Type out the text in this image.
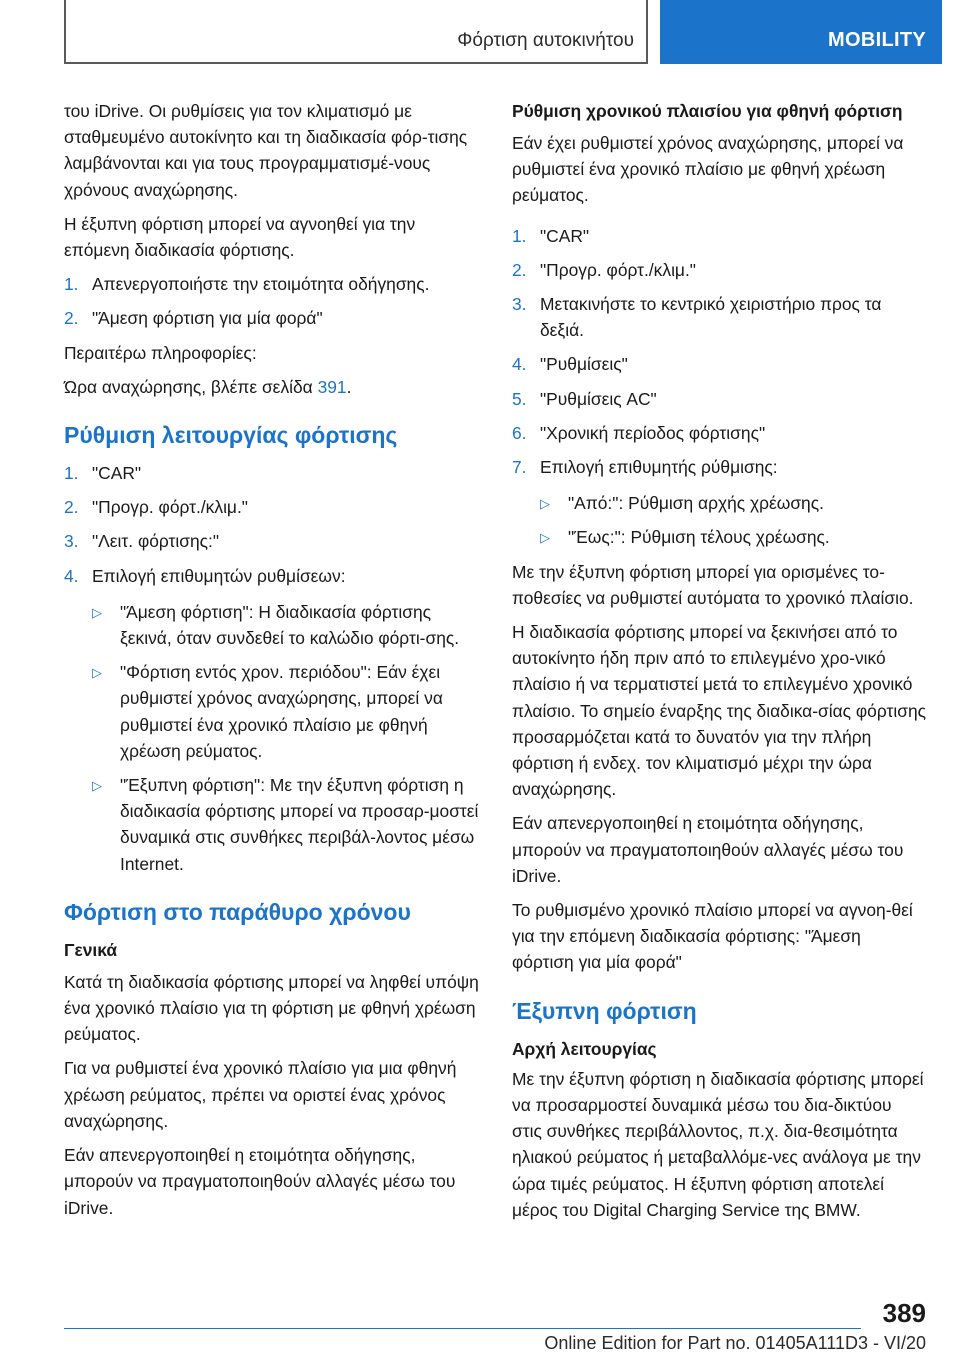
Φόρτιση αυτοκινήτου	MOBILITY

του iDrive. Οι ρυθμίσεις για τον κλιματισμό με σταθμευμένο αυτοκίνητο και τη διαδικασία φόρ-τισης λαμβάνονται και για τους προγραμματισμέ-νους χρόνους αναχώρησης.

Η έξυπνη φόρτιση μπορεί να αγνοηθεί για την επόμενη διαδικασία φόρτισης.

1. Απενεργοποιήστε την ετοιμότητα οδήγησης.
2. "Άμεση φόρτιση για μία φορά"

Περαιτέρω πληροφορίες:

Ώρα αναχώρησης, βλέπε σελίδα 391.

Ρύθμιση λειτουργίας φόρτισης
1. "CAR"
2. "Προγρ. φόρτ./κλιμ."
3. "Λειτ. φόρτισης:"
4. Επιλογή επιθυμητών ρυθμίσεων:
▷ "Άμεση φόρτιση": Η διαδικασία φόρτισης ξεκινά, όταν συνδεθεί το καλώδιο φόρτι-σης.
▷ "Φόρτιση εντός χρον. περιόδου": Εάν έχει ρυθμιστεί χρόνος αναχώρησης, μπορεί να ρυθμιστεί ένα χρονικό πλαίσιο με φθηνή χρέωση ρεύματος.
▷ "Έξυπνη φόρτιση": Με την έξυπνη φόρτιση η διαδικασία φόρτισης μπορεί να προσαρ-μοστεί δυναμικά στις συνθήκες περιβάλ-λοντος μέσω Internet.
Φόρτιση στο παράθυρο χρόνου
Γενικά

Κατά τη διαδικασία φόρτισης μπορεί να ληφθεί υπόψη ένα χρονικό πλαίσιο για τη φόρτιση με φθηνή χρέωση ρεύματος.

Για να ρυθμιστεί ένα χρονικό πλαίσιο για μια φθηνή χρέωση ρεύματος, πρέπει να οριστεί ένας χρόνος αναχώρησης.

Εάν απενεργοποιηθεί η ετοιμότητα οδήγησης, μπορούν να πραγματοποιηθούν αλλαγές μέσω του iDrive.

Ρύθμιση χρονικού πλαισίου για φθηνή φόρτιση

Εάν έχει ρυθμιστεί χρόνος αναχώρησης, μπορεί να ρυθμιστεί ένα χρονικό πλαίσιο με φθηνή χρέωση ρεύματος.

1. "CAR"
2. "Προγρ. φόρτ./κλιμ."
3. Μετακινήστε το κεντρικό χειριστήριο προς τα δεξιά.
4. "Ρυθμίσεις"
5. "Ρυθμίσεις AC"
6. "Χρονική περίοδος φόρτισης"
7. Επιλογή επιθυμητής ρύθμισης:
▷ "Από:": Ρύθμιση αρχής χρέωσης.
▷ "Έως:": Ρύθμιση τέλους χρέωσης.

Με την έξυπνη φόρτιση μπορεί για ορισμένες το-ποθεσίες να ρυθμιστεί αυτόματα το χρονικό πλαίσιο.

Η διαδικασία φόρτισης μπορεί να ξεκινήσει από το αυτοκίνητο ήδη πριν από το επιλεγμένο χρο-νικό πλαίσιο ή να τερματιστεί μετά το επιλεγμένο χρονικό πλαίσιο. Το σημείο έναρξης της διαδικα-σίας φόρτισης προσαρμόζεται κατά το δυνατόν για την πλήρη φόρτιση ή ενδεχ. τον κλιματισμό μέχρι την ώρα αναχώρησης.

Εάν απενεργοποιηθεί η ετοιμότητα οδήγησης, μπορούν να πραγματοποιηθούν αλλαγές μέσω του iDrive.

Το ρυθμισμένο χρονικό πλαίσιο μπορεί να αγνοη-θεί για την επόμενη διαδικασία φόρτισης: "Άμεση φόρτιση για μία φορά"

Έξυπνη φόρτιση
Αρχή λειτουργίας

Με την έξυπνη φόρτιση η διαδικασία φόρτισης μπορεί να προσαρμοστεί δυναμικά μέσω του δια-δικτύου στις συνθήκες περιβάλλοντος, π.χ. δια-θεσιμότητα ηλιακού ρεύματος ή μεταβαλλόμε-νες ανάλογα με την ώρα τιμές ρεύματος. Η έξυπνη φόρτιση αποτελεί μέρος του Digital Charging Service της BMW.

389
Online Edition for Part no. 01405A111D3 - VI/20
